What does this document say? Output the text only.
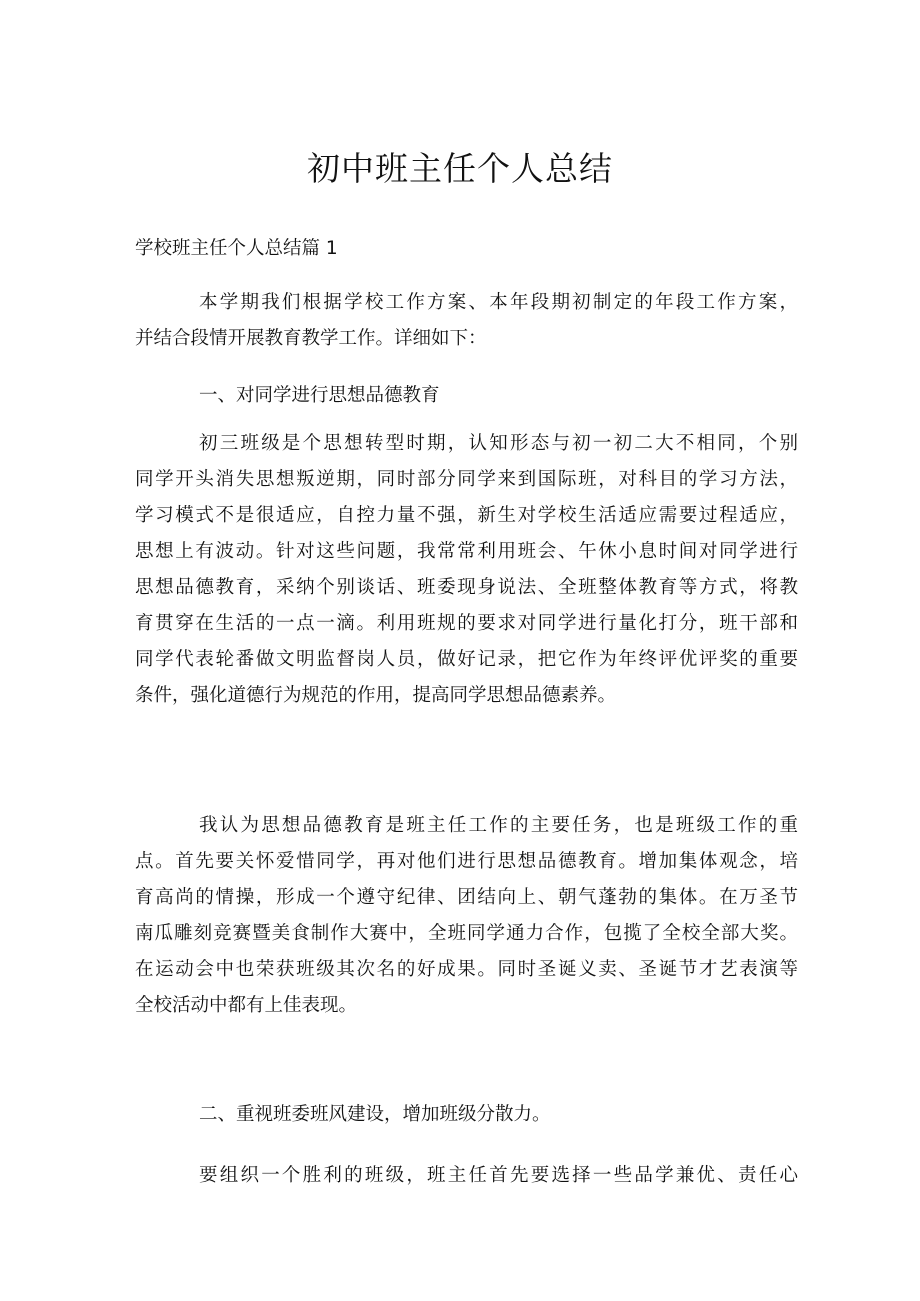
初中班主任个人总结

学校班主任个人总结篇 1

本学期我们根据学校工作方案、本年段期初制定的年段工作方案，
并结合段情开展教育教学工作。详细如下：

一、对同学进行思想品德教育

初三班级是个思想转型时期，认知形态与初一初二大不相同，个别
同学开头消失思想叛逆期，同时部分同学来到国际班，对科目的学习方法，
学习模式不是很适应，自控力量不强，新生对学校生活适应需要过程适应，
思想上有波动。针对这些问题，我常常利用班会、午休小息时间对同学进行
思想品德教育，采纳个别谈话、班委现身说法、全班整体教育等方式，将教
育贯穿在生活的一点一滴。利用班规的要求对同学进行量化打分，班干部和
同学代表轮番做文明监督岗人员，做好记录，把它作为年终评优评奖的重要
条件，强化道德行为规范的作用，提高同学思想品德素养。

我认为思想品德教育是班主任工作的主要任务，也是班级工作的重
点。首先要关怀爱惜同学，再对他们进行思想品德教育。增加集体观念，培
育高尚的情操，形成一个遵守纪律、团结向上、朝气蓬勃的集体。在万圣节
南瓜雕刻竞赛暨美食制作大赛中，全班同学通力合作，包揽了全校全部大奖。
在运动会中也荣获班级其次名的好成果。同时圣诞义卖、圣诞节才艺表演等
全校活动中都有上佳表现。

二、重视班委班风建设，增加班级分散力。

要组织一个胜利的班级，班主任首先要选择一些品学兼优、责任心
